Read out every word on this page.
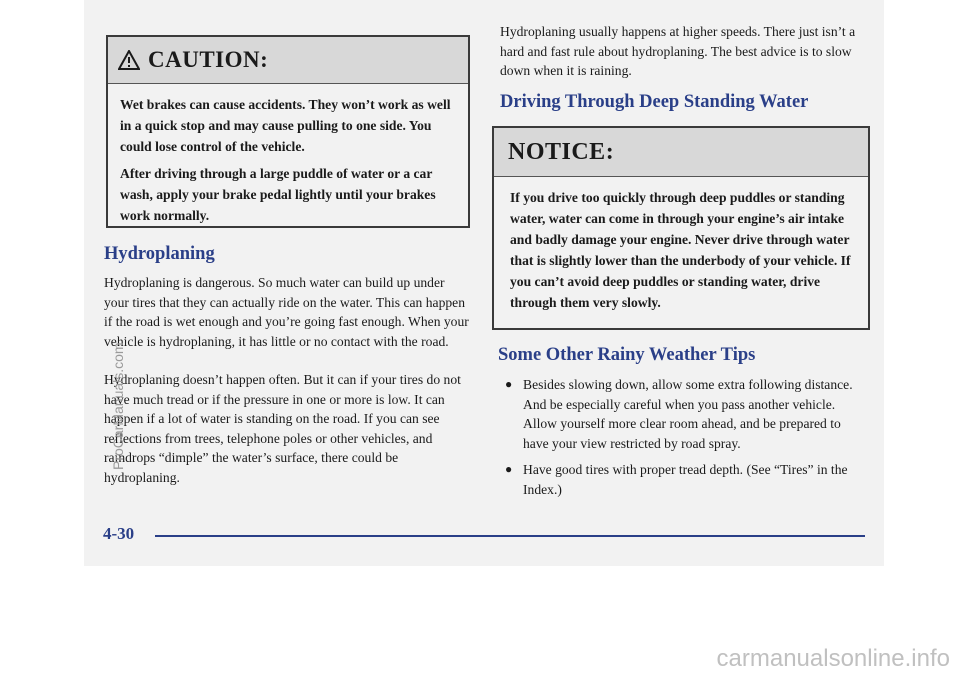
CAUTION:

Wet brakes can cause accidents. They won’t work as well in a quick stop and may cause pulling to one side. You could lose control of the vehicle.

After driving through a large puddle of water or a car wash, apply your brake pedal lightly until your brakes work normally.

Hydroplaning

Hydroplaning is dangerous. So much water can build up under your tires that they can actually ride on the water. This can happen if the road is wet enough and you’re going fast enough. When your vehicle is hydroplaning, it has little or no contact with the road.

Hydroplaning doesn’t happen often. But it can if your tires do not have much tread or if the pressure in one or more is low. It can happen if a lot of water is standing on the road. If you can see reflections from trees, telephone poles or other vehicles, and raindrops “dimple” the water’s surface, there could be hydroplaning.

Hydroplaning usually happens at higher speeds. There just isn’t a hard and fast rule about hydroplaning. The best advice is to slow down when it is raining.

Driving Through Deep Standing Water
NOTICE:
If you drive too quickly through deep puddles or standing water, water can come in through your engine’s air intake and badly damage your engine. Never drive through water that is slightly lower than the underbody of your vehicle. If you can’t avoid deep puddles or standing water, drive through them very slowly.
Some Other Rainy Weather Tips
● Besides slowing down, allow some extra following distance. And be especially careful when you pass another vehicle. Allow yourself more clear room ahead, and be prepared to have your view restricted by road spray.
● Have good tires with proper tread depth. (See “Tires” in the Index.)
4-30
ProCarManuals.com
carmanualsonline.info
